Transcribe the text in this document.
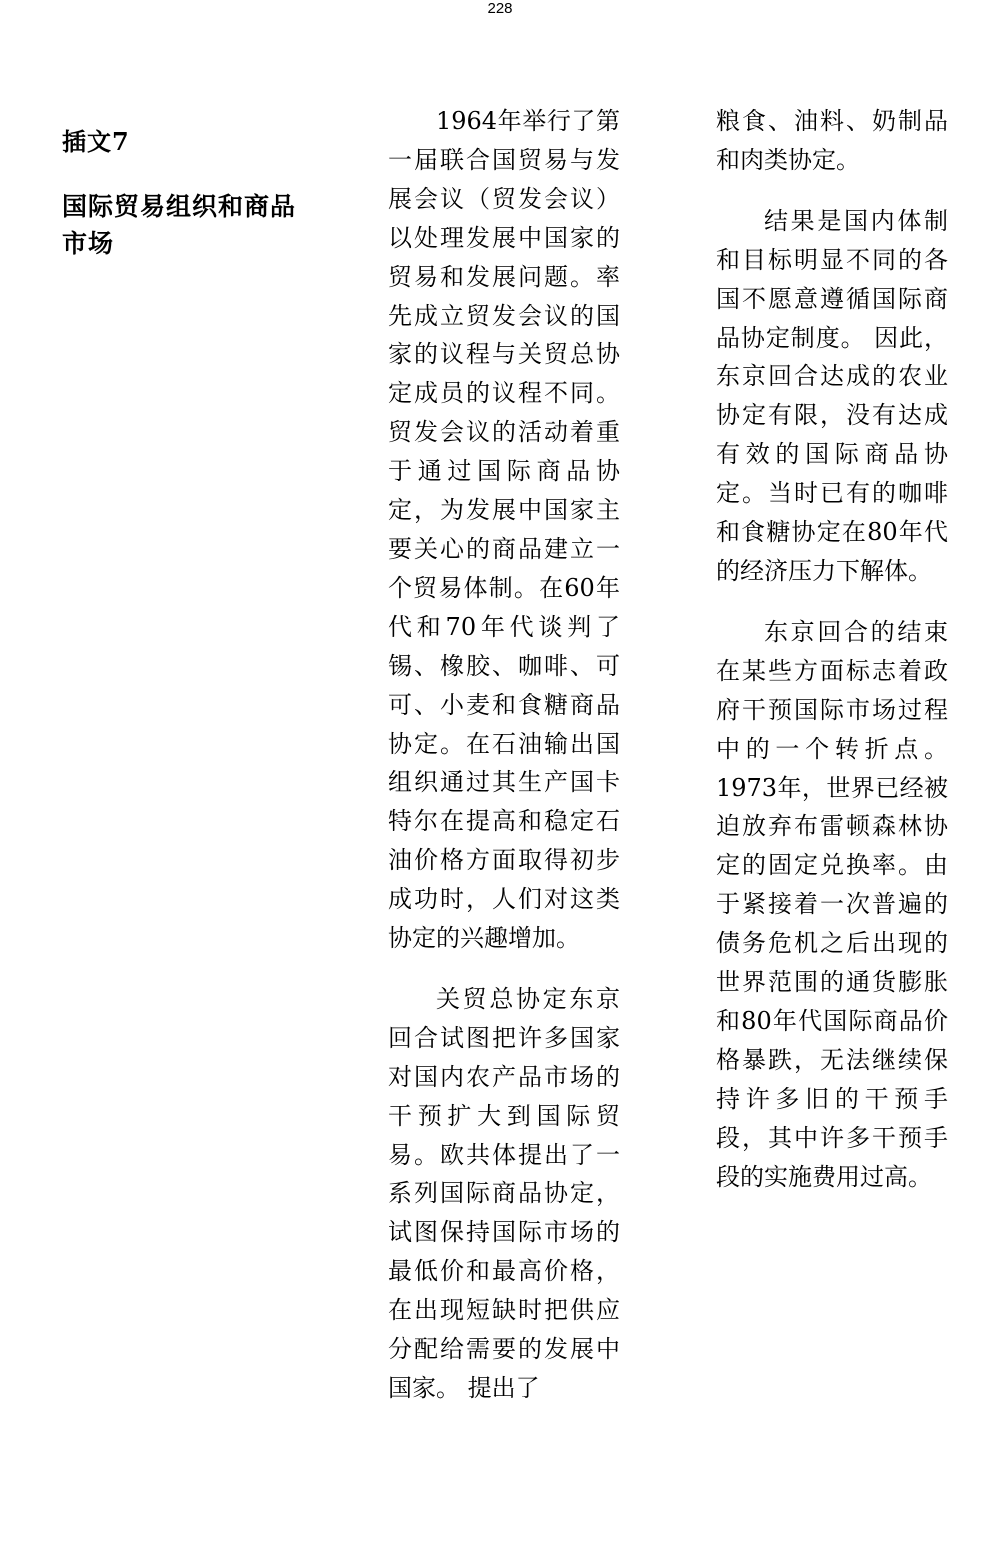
228
插文7
国际贸易组织和商品市场

1964年举行了第一届联合国贸易与发展会议（贸发会议）以处理发展中国家的贸易和发展问题。率先成立贸发会议的国家的议程与关贸总协定成员的议程不同。贸发会议的活动着重于通过国际商品协定，为发展中国家主要关心的商品建立一个贸易体制。在60年代和70年代谈判了锡、橡胶、咖啡、可可、小麦和食糖商品协定。在石油输出国组织通过其生产国卡特尔在提高和稳定石油价格方面取得初步成功时，人们对这类协定的兴趣增加。

关贸总协定东京回合试图把许多国家对国内农产品市场的干预扩大到国际贸易。欧共体提出了一系列国际商品协定，试图保持国际市场的最低价和最高价格，在出现短缺时把供应分配给需要的发展中国家。 提出了

粮食、油料、奶制品和肉类协定。

结果是国内体制和目标明显不同的各国不愿意遵循国际商品协定制度。 因此，东京回合达成的农业协定有限，没有达成有效的国际商品协定。当时已有的咖啡和食糖协定在80年代的经济压力下解体。

东京回合的结束在某些方面标志着政府干预国际市场过程中的一个转折点。1973年，世界已经被迫放弃布雷顿森林协定的固定兑换率。由于紧接着一次普遍的债务危机之后出现的世界范围的通货膨胀和80年代国际商品价格暴跌，无法继续保持许多旧的干预手段，其中许多干预手段的实施费用过高。
